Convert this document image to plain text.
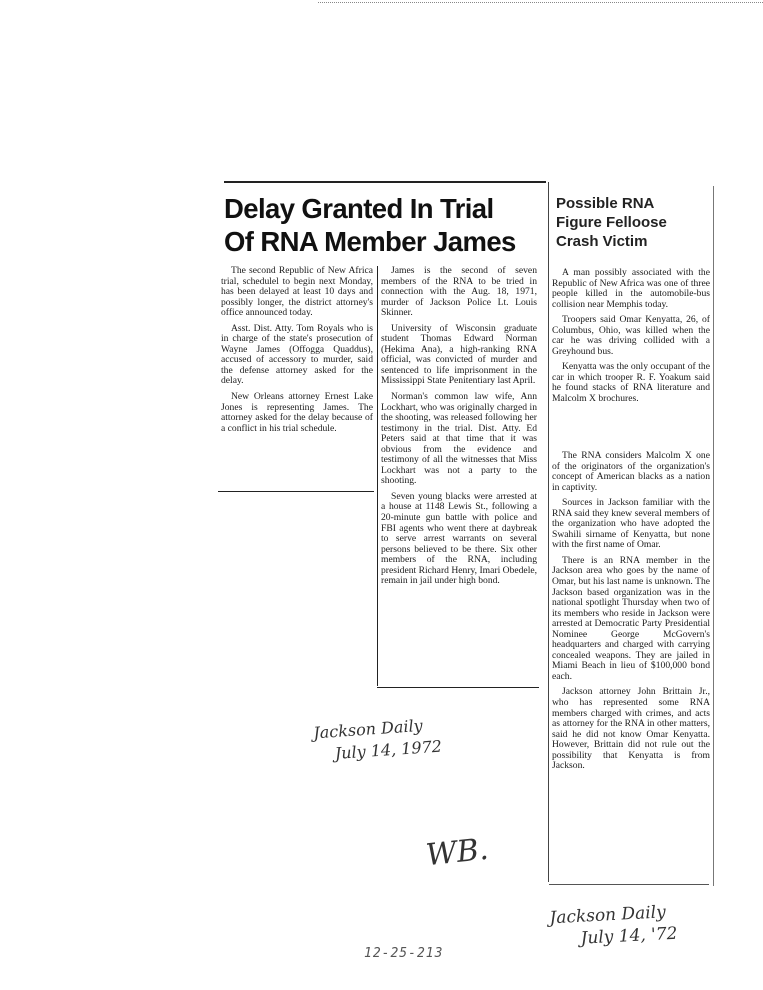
Delay Granted In Trial
Of RNA Member James

The second Republic of New Africa trial, schedulel to begin next Monday, has been delayed at least 10 days and possibly longer, the district attorney's office announced today.

Asst. Dist. Atty. Tom Royals who is in charge of the state's prosecution of Wayne James (Offogga Quaddus), accused of accessory to murder, said the defense attorney asked for the delay.

New Orleans attorney Ernest Lake Jones is representing James. The attorney asked for the delay because of a conflict in his trial schedule.

James is the second of seven members of the RNA to be tried in connection with the Aug. 18, 1971, murder of Jackson Police Lt. Louis Skinner.

University of Wisconsin graduate student Thomas Edward Norman (Hekima Ana), a high-ranking RNA official, was convicted of murder and sentenced to life imprisonment in the Mississippi State Penitentiary last April.

Norman's common law wife, Ann Lockhart, who was originally charged in the shooting, was released following her testimony in the trial. Dist. Atty. Ed Peters said at that time that it was obvious from the evidence and testimony of all the witnesses that Miss Lockhart was not a party to the shooting.

Seven young blacks were arrested at a house at 1148 Lewis St., following a 20-minute gun battle with police and FBI agents who went there at daybreak to serve arrest warrants on several persons believed to be there. Six other members of the RNA, including president Richard Henry, Imari Obedele, remain in jail under high bond.

Possible RNA
Figure Felloose
Crash Victim

A man possibly associated with the Republic of New Africa was one of three people killed in the automobile-bus collision near Memphis today.

Troopers said Omar Kenyatta, 26, of Columbus, Ohio, was killed when the car he was driving collided with a Greyhound bus.

Kenyatta was the only occupant of the car in which trooper R. F. Yoakum said he found stacks of RNA literature and Malcolm X brochures.

The RNA considers Malcolm X one of the originators of the organization's concept of American blacks as a nation in captivity.

Sources in Jackson familiar with the RNA said they knew several members of the organization who have adopted the Swahili sirname of Kenyatta, but none with the first name of Omar.

There is an RNA member in the Jackson area who goes by the name of Omar, but his last name is unknown. The Jackson based organization was in the national spotlight Thursday when two of its members who reside in Jackson were arrested at Democratic Party Presidential Nominee George McGovern's headquarters and charged with carrying concealed weapons. They are jailed in Miami Beach in lieu of $100,000 bond each.

Jackson attorney John Brittain Jr., who has represented some RNA members charged with crimes, and acts as attorney for the RNA in other matters, said he did not know Omar Kenyatta. However, Brittain did not rule out the possibility that Kenyatta is from Jackson.

Jackson Daily
July 14, 1972
WB.
Jackson Daily
July 14, '72
12-25-213
